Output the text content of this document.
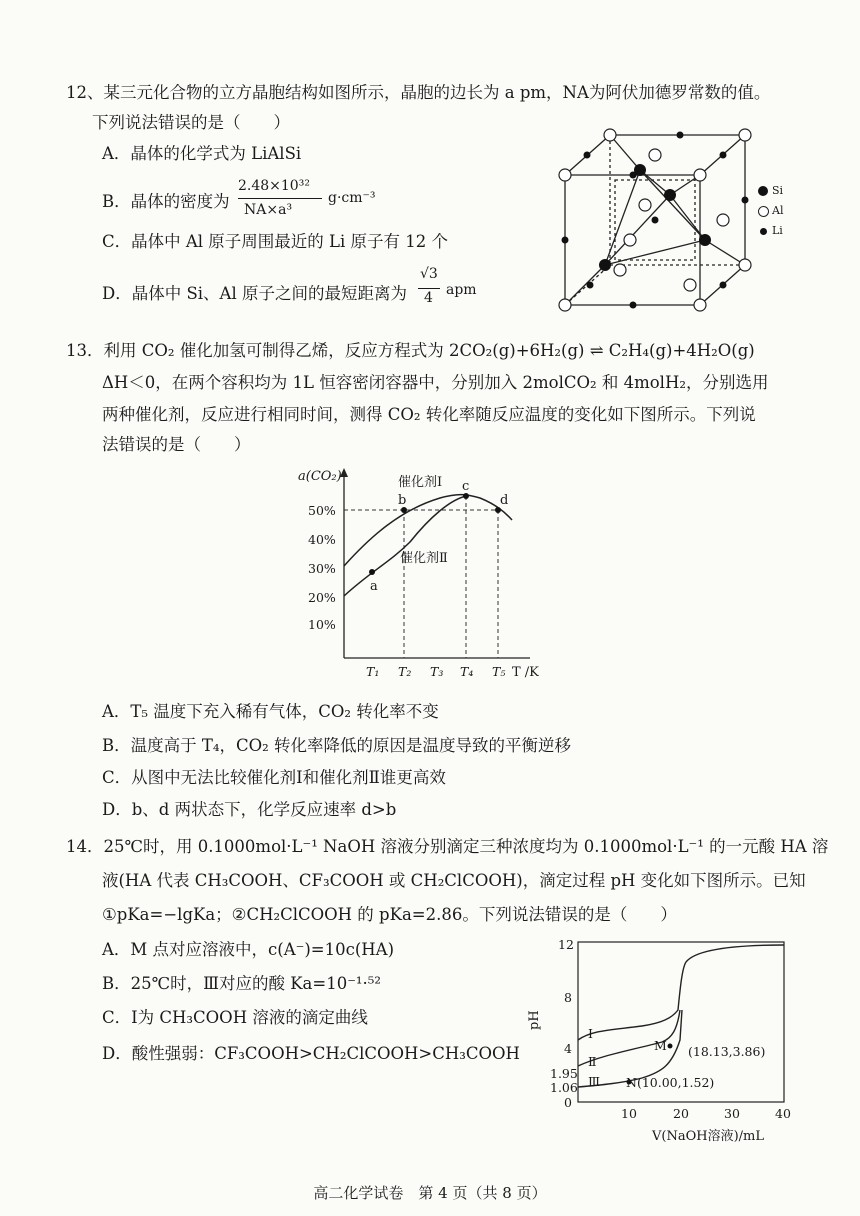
12、某三元化合物的立方晶胞结构如图所示，晶胞的边长为 a pm，NA为阿伏加德罗常数的值。
下列说法错误的是（　　）
A．晶体的化学式为 LiAlSi
B．晶体的密度为
2.48×10³²
NA×a³
g·cm⁻³
C．晶体中 Al 原子周围最近的 Li 原子有 12 个
D．晶体中 Si、Al 原子之间的最短距离为
√3
4 apm
Si
Al
Li
13．利用 CO₂ 催化加氢可制得乙烯，反应方程式为 2CO₂(g)+6H₂(g) ⇌ C₂H₄(g)+4H₂O(g)
ΔH＜0，在两个容积均为 1L 恒容密闭容器中，分别加入 2molCO₂ 和 4molH₂，分别选用
两种催化剂，反应进行相同时间，测得 CO₂ 转化率随反应温度的变化如下图所示。下列说
法错误的是（　　）
a(CO₂)
T /K
10%
20%
30%
40%
50%
T₁ T₂ T₃ T₄ T₅
a
b
c
d
催化剂Ⅰ
催化剂Ⅱ
A．T₅ 温度下充入稀有气体，CO₂ 转化率不变
B．温度高于 T₄，CO₂ 转化率降低的原因是温度导致的平衡逆移
C．从图中无法比较催化剂Ⅰ和催化剂Ⅱ谁更高效
D．b、d 两状态下，化学反应速率 d>b
14．25℃时，用 0.1000mol·L⁻¹ NaOH 溶液分别滴定三种浓度均为 0.1000mol·L⁻¹ 的一元酸 HA 溶
液(HA 代表 CH₃COOH、CF₃COOH 或 CH₂ClCOOH)，滴定过程 pH 变化如下图所示。已知
①pKa=−lgKa；②CH₂ClCOOH 的 pKa=2.86。下列说法错误的是（　　）
A．M 点对应溶液中，c(A⁻)=10c(HA)
B．25℃时，Ⅲ对应的酸 Ka=10⁻¹·⁵²
C．Ⅰ为 CH₃COOH 溶液的滴定曲线
D．酸性强弱：CF₃COOH>CH₂ClCOOH>CH₃COOH
12
8
4
1.95
1.06
0
pH
10	20	30	40
V(NaOH溶液)/mL
Ⅰ
Ⅱ
Ⅲ
M (18.13,3.86)
N(10.00,1.52)
高二化学试卷　第 4 页（共 8 页）
